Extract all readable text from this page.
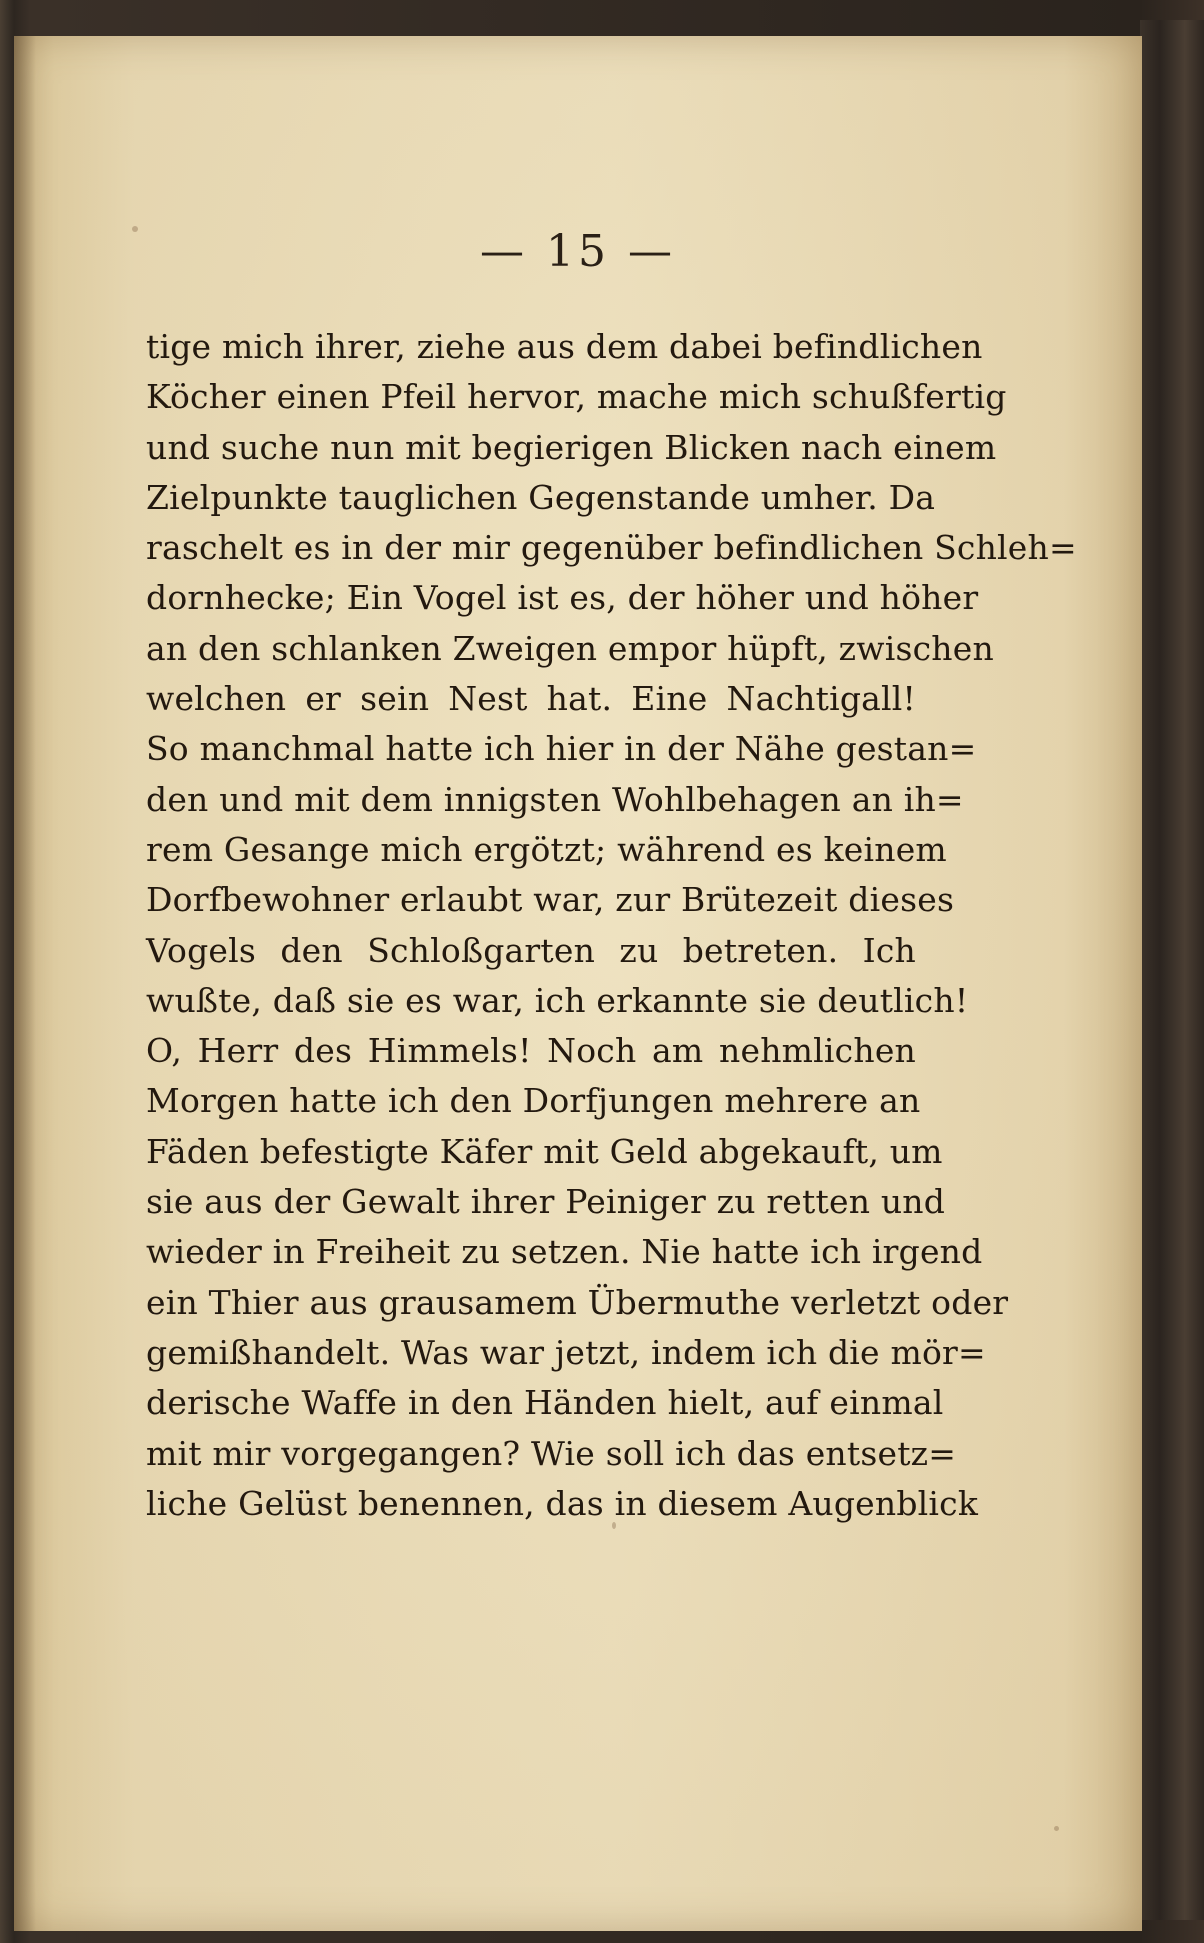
— 15 —
tige mich ihrer, ziehe aus dem dabei befindlichen
Köcher einen Pfeil hervor, mache mich schußfertig
und suche nun mit begierigen Blicken nach einem
Zielpunkte tauglichen Gegenstande umher. Da
raschelt es in der mir gegenüber befindlichen Schleh=
dornhecke; Ein Vogel ist es, der höher und höher
an den schlanken Zweigen empor hüpft, zwischen
welchen er sein Nest hat. Eine Nachtigall!
So manchmal hatte ich hier in der Nähe gestan=
den und mit dem innigsten Wohlbehagen an ih=
rem Gesange mich ergötzt; während es keinem
Dorfbewohner erlaubt war, zur Brütezeit dieses
Vogels den Schloßgarten zu betreten. Ich
wußte, daß sie es war, ich erkannte sie deutlich!
O, Herr des Himmels! Noch am nehmlichen
Morgen hatte ich den Dorfjungen mehrere an
Fäden befestigte Käfer mit Geld abgekauft, um
sie aus der Gewalt ihrer Peiniger zu retten und
wieder in Freiheit zu setzen. Nie hatte ich irgend
ein Thier aus grausamem Übermuthe verletzt oder
gemißhandelt. Was war jetzt, indem ich die mör=
derische Waffe in den Händen hielt, auf einmal
mit mir vorgegangen? Wie soll ich das entsetz=
liche Gelüst benennen, das in diesem Augenblick
